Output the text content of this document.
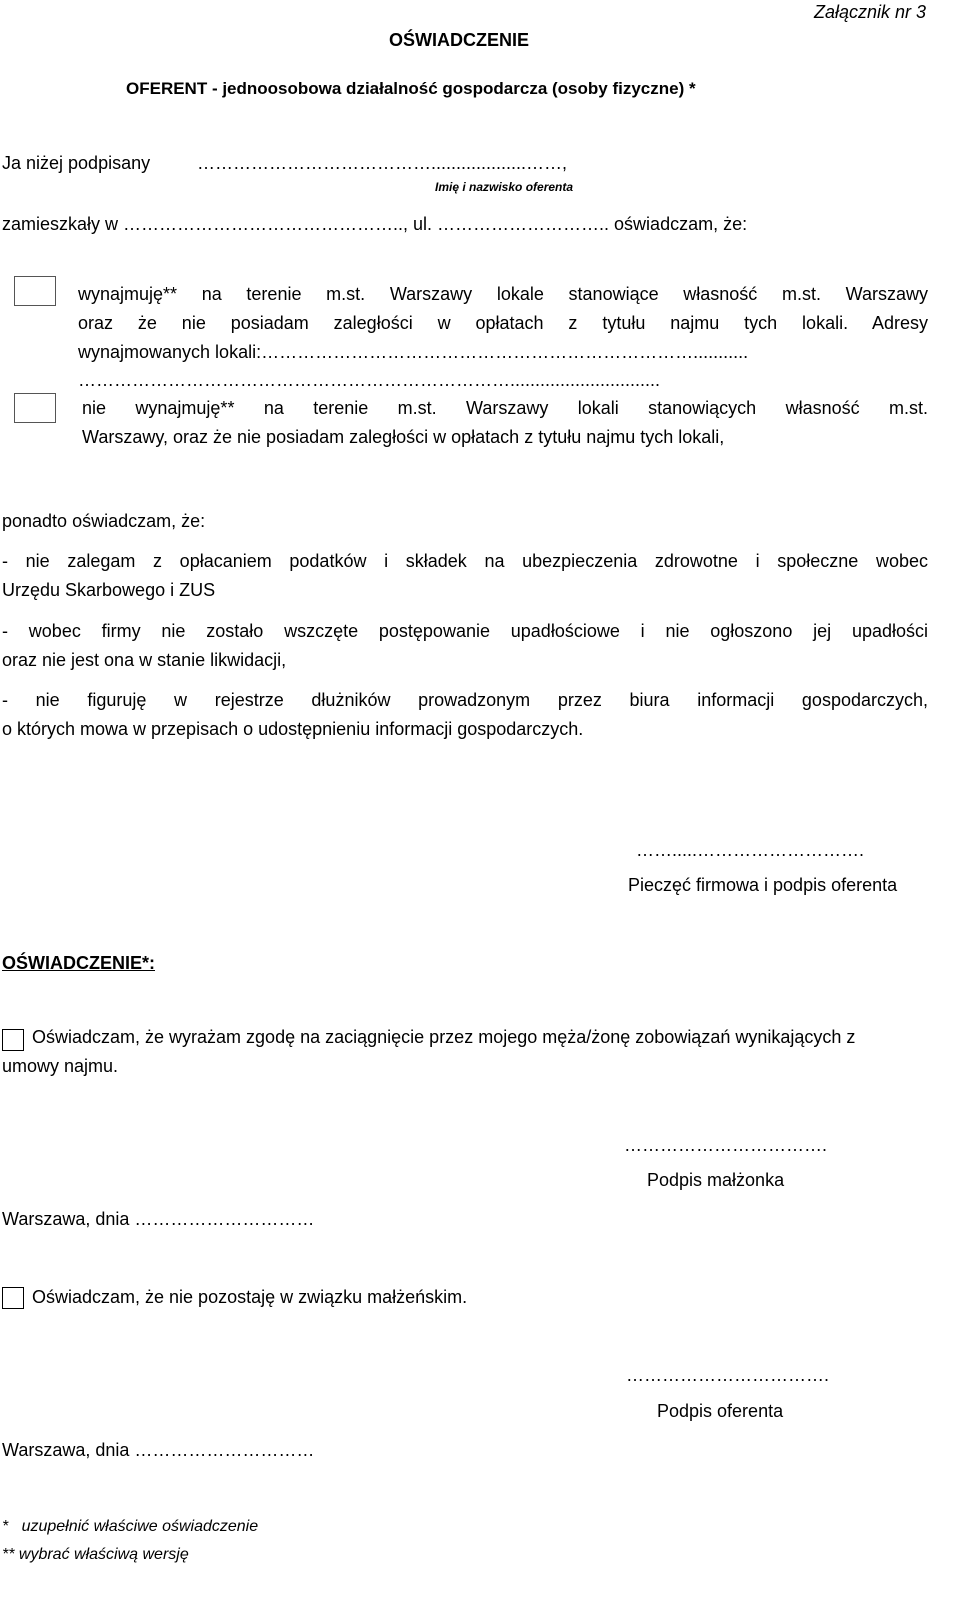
Załącznik nr 3
OŚWIADCZENIE
OFERENT - jednoosobowa działalność gospodarcza (osoby fizyczne) *
Ja niżej podpisany	…………………………………...................……,
Imię i nazwisko oferenta
zamieszkały w ……………………………………….., ul. ……………………….. oświadczam, że:
wynajmuję** na terenie m.st. Warszawy lokale stanowiące własność m.st. Warszawy
oraz że nie posiadam zaległości w opłatach z tytułu najmu tych lokali. Adresy
wynajmowanych lokali:………………………………………………………………...........
………………………………………………………………..............................
nie wynajmuję** na terenie m.st. Warszawy lokali stanowiących własność m.st.
Warszawy, oraz że nie posiadam zaległości w opłatach z tytułu najmu tych lokali,
ponadto oświadczam, że:
- nie zalegam z opłacaniem podatków i składek na ubezpieczenia zdrowotne i społeczne wobec
Urzędu Skarbowego i ZUS
- wobec firmy nie zostało wszczęte postępowanie upadłościowe i nie ogłoszono jej upadłości
oraz nie jest ona w stanie likwidacji,
- nie figuruję w rejestrze dłużników prowadzonym przez biura informacji gospodarczych,
o których mowa w przepisach o udostępnieniu informacji gospodarczych.
…….....……………………….
Pieczęć firmowa i podpis oferenta
OŚWIADCZENIE*:
Oświadczam, że wyrażam zgodę na zaciągnięcie przez mojego męża/żonę zobowiązań wynikających z
umowy najmu.
…………………………….
Podpis małżonka
Warszawa, dnia …………………………
Oświadczam, że nie pozostaję w związku małżeńskim.
…………………………….
Podpis oferenta
Warszawa, dnia …………………………
*   uzupełnić właściwe oświadczenie
** wybrać właściwą wersję
